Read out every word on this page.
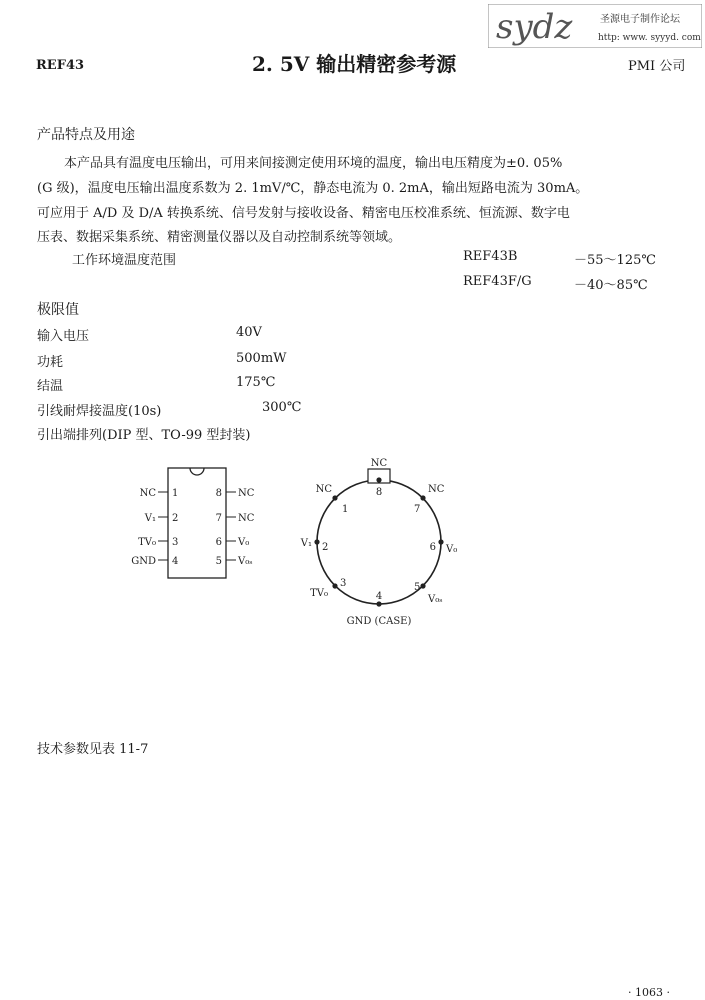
sydz	圣源电子制作论坛
http: www. syyyd. com
REF43	2. 5V 输出精密参考源	PMI 公司
产品特点及用途
本产品具有温度电压输出，可用来间接测定使用环境的温度，输出电压精度为±0. 05%
(G 级)，温度电压输出温度系数为 2. 1mV/℃，静态电流为 0. 2mA，输出短路电流为 30mA。
可应用于 A/D 及 D/A 转换系统、信号发射与接收设备、精密电压校准系统、恒流源、数字电
压表、数据采集系统、精密测量仪器以及自动控制系统等领域。
工作环境温度范围	REF43B	－55～125℃
REF43F/G	－40～85℃
极限值
输入电压	40V
功耗	500mW
结温	175℃
引线耐焊接温度(10s)	300℃
引出端排列(DIP 型、TO-99 型封装)
NC 1
V₁ 2
TV₀ 3
GND 4
8 NC
7 NC
6 V₀
5 V₀ₛ
NC
8
NC
1
NC
7
V₁ 2	V₀
6
TV₀
3
V₀ₛ
5
4
GND (CASE)
技术参数见表 11-7
· 1063 ·
